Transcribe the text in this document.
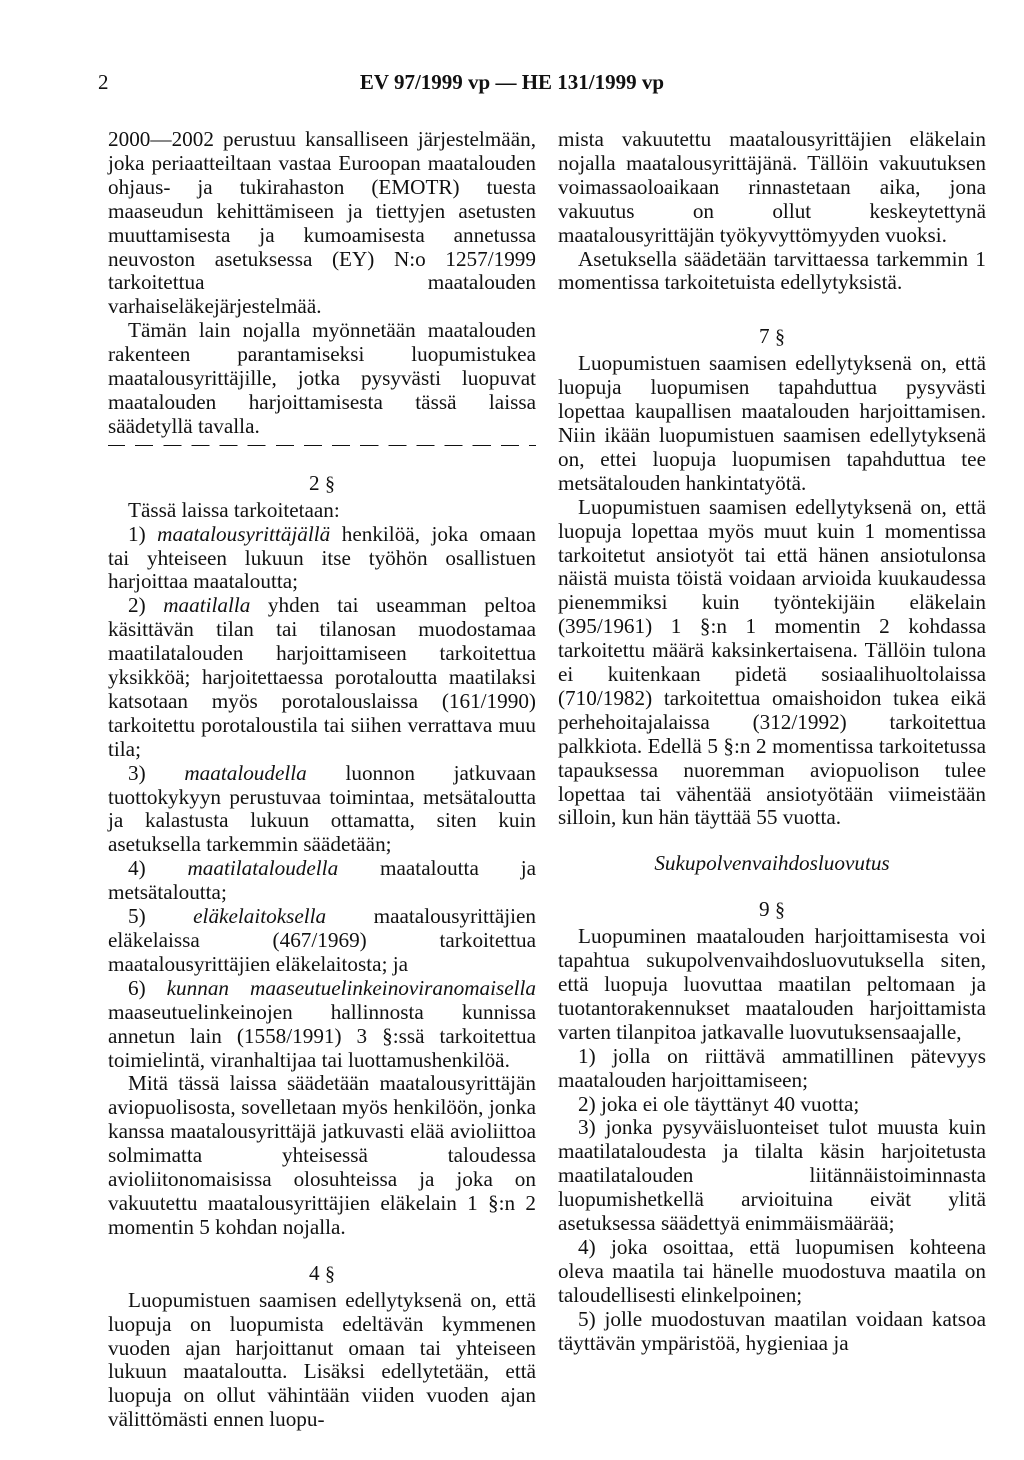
2	EV 97/1999 vp — HE 131/1999 vp

2000—2002 perustuu kansalliseen järjestelmään, joka periaatteiltaan vastaa Euroopan maatalouden ohjaus- ja tukirahaston (EMOTR) tuesta maaseudun kehittämiseen ja tiettyjen asetusten muuttamisesta ja kumoamisesta annetussa neuvoston asetuksessa (EY) N:o 1257/1999 tarkoitettua maatalouden varhaiseläkejärjestelmää.

Tämän lain nojalla myönnetään maatalouden rakenteen parantamiseksi luopumistukea maatalousyrittäjille, jotka pysyvästi luopuvat maatalouden harjoittamisesta tässä laissa säädetyllä tavalla.

2 §

Tässä laissa tarkoitetaan:

1) maatalousyrittäjällä henkilöä, joka omaan tai yhteiseen lukuun itse työhön osallistuen harjoittaa maataloutta;

2) maatilalla yhden tai useamman peltoa käsittävän tilan tai tilanosan muodostamaa maatilatalouden harjoittamiseen tarkoitettua yksikköä; harjoitettaessa porotaloutta maatilaksi katsotaan myös porotalouslaissa (161/1990) tarkoitettu porotaloustila tai siihen verrattava muu tila;

3) maataloudella luonnon jatkuvaan tuottokykyyn perustuvaa toimintaa, metsätaloutta ja kalastusta lukuun ottamatta, siten kuin asetuksella tarkemmin säädetään;

4) maatilataloudella maataloutta ja metsätaloutta;

5) eläkelaitoksella maatalousyrittäjien eläkelaissa (467/1969) tarkoitettua maatalousyrittäjien eläkelaitosta; ja

6) kunnan maaseutuelinkeinoviranomaisella maaseutuelinkeinojen hallinnosta kunnissa annetun lain (1558/1991) 3 §:ssä tarkoitettua toimielintä, viranhaltijaa tai luottamushenkilöä.

Mitä tässä laissa säädetään maatalousyrittäjän aviopuolisosta, sovelletaan myös henkilöön, jonka kanssa maatalousyrittäjä jatkuvasti elää avioliittoa solmimatta yhteisessä taloudessa avioliitonomaisissa olosuhteissa ja joka on vakuutettu maatalousyrittäjien eläkelain 1 §:n 2 momentin 5 kohdan nojalla.

4 §

Luopumistuen saamisen edellytyksenä on, että luopuja on luopumista edeltävän kymmenen vuoden ajan harjoittanut omaan tai yhteiseen lukuun maataloutta. Lisäksi edellytetään, että luopuja on ollut vähintään viiden vuoden ajan välittömästi ennen luopu-

mista vakuutettu maatalousyrittäjien eläkelain nojalla maatalousyrittäjänä. Tällöin vakuutuksen voimassaoloaikaan rinnastetaan aika, jona vakuutus on ollut keskeytettynä maatalousyrittäjän työkyvyttömyyden vuoksi.

Asetuksella säädetään tarvittaessa tarkemmin 1 momentissa tarkoitetuista edellytyksistä.

7 §

Luopumistuen saamisen edellytyksenä on, että luopuja luopumisen tapahduttua pysyvästi lopettaa kaupallisen maatalouden harjoittamisen. Niin ikään luopumistuen saamisen edellytyksenä on, ettei luopuja luopumisen tapahduttua tee metsätalouden hankintatyötä.

Luopumistuen saamisen edellytyksenä on, että luopuja lopettaa myös muut kuin 1 momentissa tarkoitetut ansiotyöt tai että hänen ansiotulonsa näistä muista töistä voidaan arvioida kuukaudessa pienemmiksi kuin työntekijäin eläkelain (395/1961) 1 §:n 1 momentin 2 kohdassa tarkoitettu määrä kaksinkertaisena. Tällöin tulona ei kuitenkaan pidetä sosiaalihuoltolaissa (710/1982) tarkoitettua omaishoidon tukea eikä perhehoitajalaissa (312/1992) tarkoitettua palkkiota. Edellä 5 §:n 2 momentissa tarkoitetussa tapauksessa nuoremman aviopuolison tulee lopettaa tai vähentää ansiotyötään viimeistään silloin, kun hän täyttää 55 vuotta.

Sukupolvenvaihdosluovutus
9 §

Luopuminen maatalouden harjoittamisesta voi tapahtua sukupolvenvaihdosluovutuksella siten, että luopuja luovuttaa maatilan peltomaan ja tuotantorakennukset maatalouden harjoittamista varten tilanpitoa jatkavalle luovutuksensaajalle,

1) jolla on riittävä ammatillinen pätevyys maatalouden harjoittamiseen;

2) joka ei ole täyttänyt 40 vuotta;

3) jonka pysyväisluonteiset tulot muusta kuin maatilataloudesta ja tilalta käsin harjoitetusta maatilatalouden liitännäistoiminnasta luopumishetkellä arvioituina eivät ylitä asetuksessa säädettyä enimmäismäärää;

4) joka osoittaa, että luopumisen kohteena oleva maatila tai hänelle muodostuva maatila on taloudellisesti elinkelpoinen;

5) jolle muodostuvan maatilan voidaan katsoa täyttävän ympäristöä, hygieniaa ja
